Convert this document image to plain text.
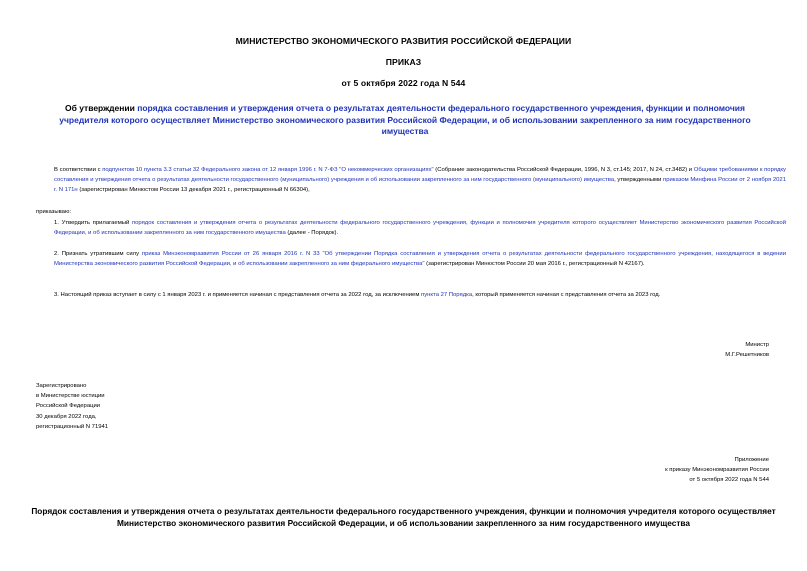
МИНИСТЕРСТВО ЭКОНОМИЧЕСКОГО РАЗВИТИЯ РОССИЙСКОЙ ФЕДЕРАЦИИ
ПРИКАЗ
от 5 октября 2022 года N 544
Об утверждении порядка составления и утверждения отчета о результатах деятельности федерального государственного учреждения, функции и полномочия учредителя которого осуществляет Министерство экономического развития Российской Федерации, и об использовании закрепленного за ним государственного имущества
В соответствии с подпунктом 10 пункта 3.3 статьи 32 Федерального закона от 12 января 1996 г. N 7-ФЗ "О некоммерческих организациях" (Собрание законодательства Российской Федерации, 1996, N 3, ст.145; 2017, N 24, ст.3482) и Общими требованиями к порядку составления и утверждения отчета о результатах деятельности государственного (муниципального) учреждения и об использовании закрепленного за ним государственного (муниципального) имущества, утвержденными приказом Минфина России от 2 ноября 2021 г. N 171н (зарегистрирован Минюстом России 13 декабря 2021 г., регистрационный N 66304),
приказываю:
1. Утвердить прилагаемый порядок составления и утверждения отчета о результатах деятельности федерального государственного учреждения, функции и полномочия учредителя которого осуществляет Министерство экономического развития Российской Федерации, и об использовании закрепленного за ним государственного имущества (далее - Порядок).
2. Признать утратившим силу приказ Минэкономразвития России от 26 января 2016 г. N 33 "Об утверждении Порядка составления и утверждения отчета о результатах деятельности федерального государственного учреждения, находящегося в ведении Министерства экономического развития Российской Федерации, и об использовании закрепленного за ним федерального имущества" (зарегистрирован Минюстом России 20 мая 2016 г., регистрационный N 42167).
3. Настоящий приказ вступает в силу с 1 января 2023 г. и применяется начиная с представления отчета за 2022 год, за исключением пункта 27 Порядка, который применяется начиная с представления отчета за 2023 год.
Министр
М.Г.Решетников
Зарегистрировано
в Министерстве юстиции
Российской Федерации
30 декабря 2022 года,
регистрационный N 71941
Приложение
к приказу Минэкономразвития России
от 5 октября 2022 года N 544
Порядок составления и утверждения отчета о результатах деятельности федерального государственного учреждения, функции и полномочия учредителя которого осуществляет Министерство экономического развития Российской Федерации, и об использовании закрепленного за ним государственного имущества
